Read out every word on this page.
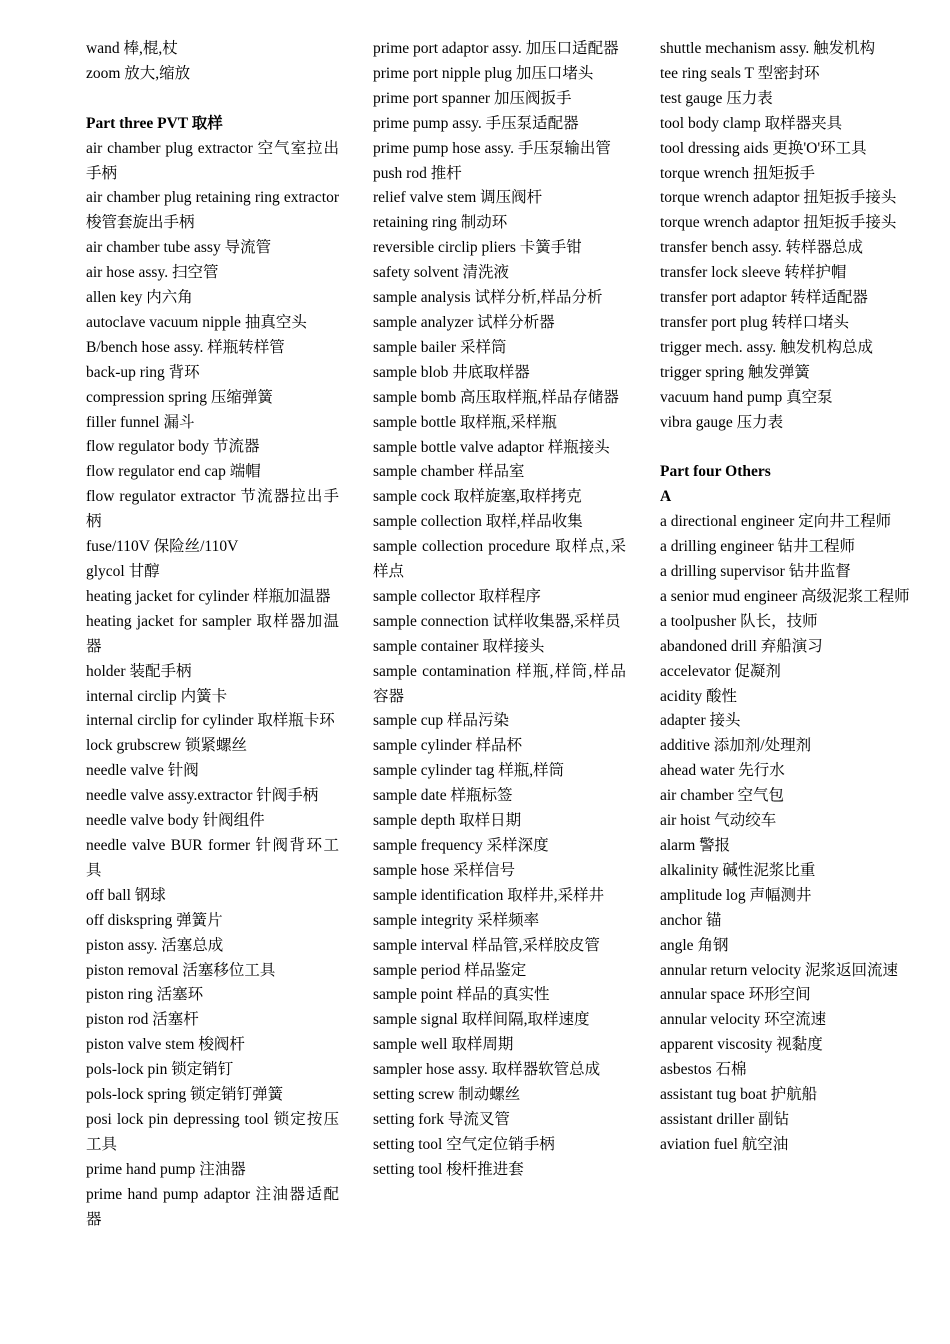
wand 棒,棍,杖

zoom 放大,缩放

Part three PVT 取样

air chamber plug extractor 空气室拉出手柄

air chamber plug retaining ring extractor 梭管套旋出手柄

air chamber tube assy 导流管

air hose assy. 扫空管

allen key 内六角

autoclave vacuum nipple 抽真空头

B/bench hose assy. 样瓶转样管

back-up ring 背环

compression spring 压缩弹簧

filler funnel 漏斗

flow regulator body 节流器

flow regulator end cap 端帽

flow regulator extractor 节流器拉出手柄

fuse/110V 保险丝/110V

glycol 甘醇

heating jacket for cylinder 样瓶加温器

heating jacket for sampler 取样器加温器

holder 装配手柄

internal circlip 内簧卡

internal circlip for cylinder 取样瓶卡环

lock grubscrew 锁紧螺丝

needle valve 针阀

needle valve assy.extractor 针阀手柄

needle valve body 针阀组件

needle valve BUR former 针阀背环工具

off ball 钢球

off diskspring 弹簧片

piston assy. 活塞总成

piston removal 活塞移位工具

piston ring 活塞环

piston rod 活塞杆

piston valve stem 梭阀杆

pols-lock pin 锁定销钉

pols-lock spring 锁定销钉弹簧

posi lock pin depressing tool 锁定按压工具

prime hand pump 注油器

prime hand pump adaptor 注油器适配器

prime port adaptor assy. 加压口适配器

prime port nipple plug 加压口堵头

prime port spanner 加压阀扳手

prime pump assy. 手压泵适配器

prime pump hose assy. 手压泵输出管

push rod 推杆

relief valve stem 调压阀杆

retaining ring 制动环

reversible circlip pliers 卡簧手钳

safety solvent 清洗液

sample analysis 试样分析,样品分析

sample analyzer 试样分析器

sample bailer 采样筒

sample blob 井底取样器

sample bomb 高压取样瓶,样品存储器

sample bottle 取样瓶,采样瓶

sample bottle valve adaptor 样瓶接头

sample chamber 样品室

sample cock 取样旋塞,取样拷克

sample collection 取样,样品收集

sample collection procedure 取样点,采样点

sample collector 取样程序

sample connection 试样收集器,采样员

sample container 取样接头

sample contamination 样瓶,样筒,样品容器

sample cup 样品污染

sample cylinder 样品杯

sample cylinder tag 样瓶,样筒

sample date 样瓶标签

sample depth 取样日期

sample frequency 采样深度

sample hose 采样信号

sample identification 取样井,采样井

sample integrity 采样频率

sample interval 样品管,采样胶皮管

sample period 样品鉴定

sample point 样品的真实性

sample signal 取样间隔,取样速度

sample well 取样周期

sampler hose assy. 取样器软管总成

setting screw 制动螺丝

setting fork 导流叉管

setting tool 空气定位销手柄

setting tool 梭杆推进套

shuttle mechanism assy. 触发机构

tee ring seals T 型密封环

test gauge 压力表

tool body clamp 取样器夹具

tool dressing aids 更换'O'环工具

torque wrench 扭矩扳手

torque wrench adaptor 扭矩扳手接头

torque wrench adaptor 扭矩扳手接头

transfer bench assy. 转样器总成

transfer lock sleeve 转样护帽

transfer port adaptor 转样适配器

transfer port plug 转样口堵头

trigger mech. assy. 触发机构总成

trigger spring 触发弹簧

vacuum hand pump 真空泵

vibra gauge 压力表

Part four Others

A

a directional engineer 定向井工程师

a drilling engineer 钻井工程师

a drilling supervisor 钻井监督

a senior mud engineer 高级泥浆工程师

a toolpusher 队长，技师

abandoned drill 弃船演习

accelevator 促凝剂

acidity 酸性

adapter 接头

additive 添加剂/处理剂

ahead water 先行水

air chamber 空气包

air hoist 气动绞车

alarm 警报

alkalinity 碱性泥浆比重

amplitude log 声幅测井

anchor 锚

angle 角钢

annular return velocity 泥浆返回流速

annular space 环形空间

annular velocity 环空流速

apparent viscosity 视黏度

asbestos 石棉

assistant tug boat 护航船

assistant driller 副钻

aviation fuel 航空油
